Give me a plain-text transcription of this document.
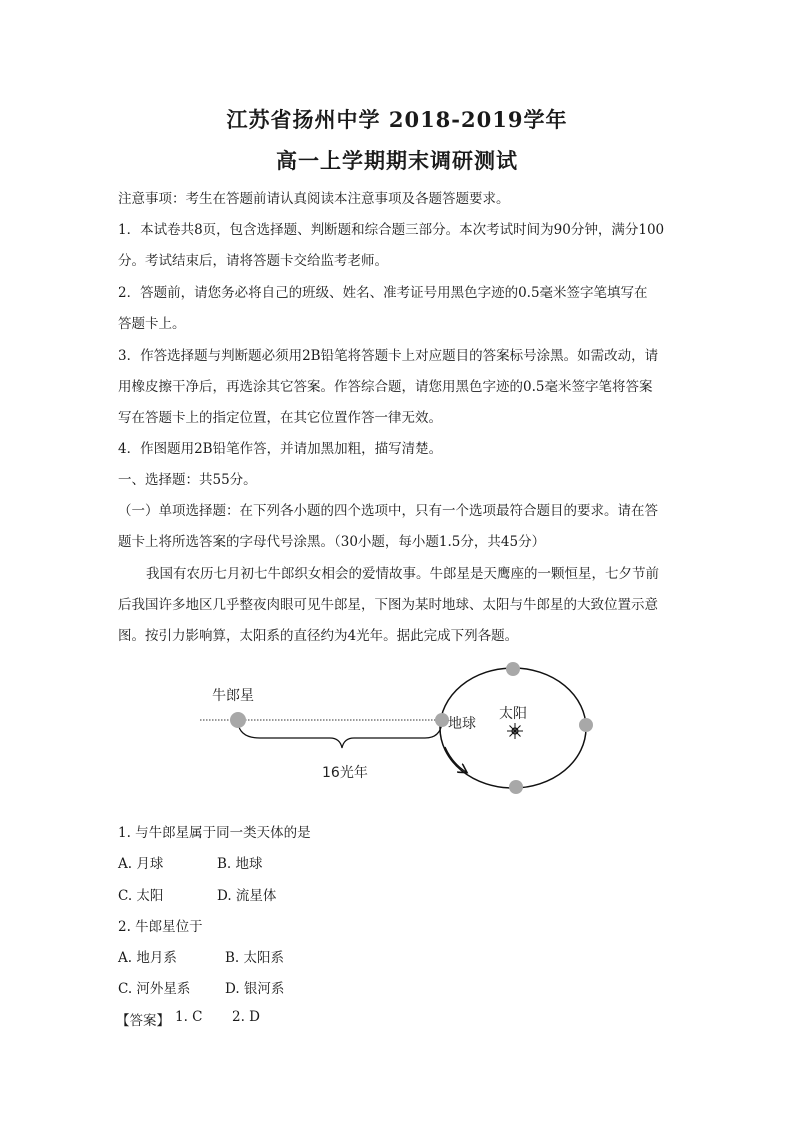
江苏省扬州中学 2018-2019学年
高一上学期期末调研测试
注意事项：考生在答题前请认真阅读本注意事项及各题答题要求。
1．本试卷共8页，包含选择题、判断题和综合题三部分。本次考试时间为90分钟，满分100
分。考试结束后，请将答题卡交给监考老师。
2．答题前，请您务必将自己的班级、姓名、准考证号用黑色字迹的0.5毫米签字笔填写在
答题卡上。
3．作答选择题与判断题必须用2B铅笔将答题卡上对应题目的答案标号涂黑。如需改动，请
用橡皮擦干净后，再选涂其它答案。作答综合题，请您用黑色字迹的0.5毫米签字笔将答案
写在答题卡上的指定位置，在其它位置作答一律无效。
4．作图题用2B铅笔作答，并请加黑加粗，描写清楚。
一、选择题：共55分。
（一）单项选择题：在下列各小题的四个选项中，只有一个选项最符合题目的要求。请在答
题卡上将所选答案的字母代号涂黑。（30小题，每小题1.5分，共45分）
我国有农历七月初七牛郎织女相会的爱情故事。牛郎星是天鹰座的一颗恒星，七夕节前
后我国许多地区几乎整夜肉眼可见牛郎星，下图为某时地球、太阳与牛郎星的大致位置示意
图。按引力影响算，太阳系的直径约为4光年。据此完成下列各题。
牛郎星
地球
太阳
16光年
1. 与牛郎星属于同一类天体的是
A. 月球	B. 地球
C. 太阳	D. 流星体
2. 牛郎星位于
A. 地月系	B. 太阳系
C. 河外星系	D. 银河系
【答案】 1. C 2. D
